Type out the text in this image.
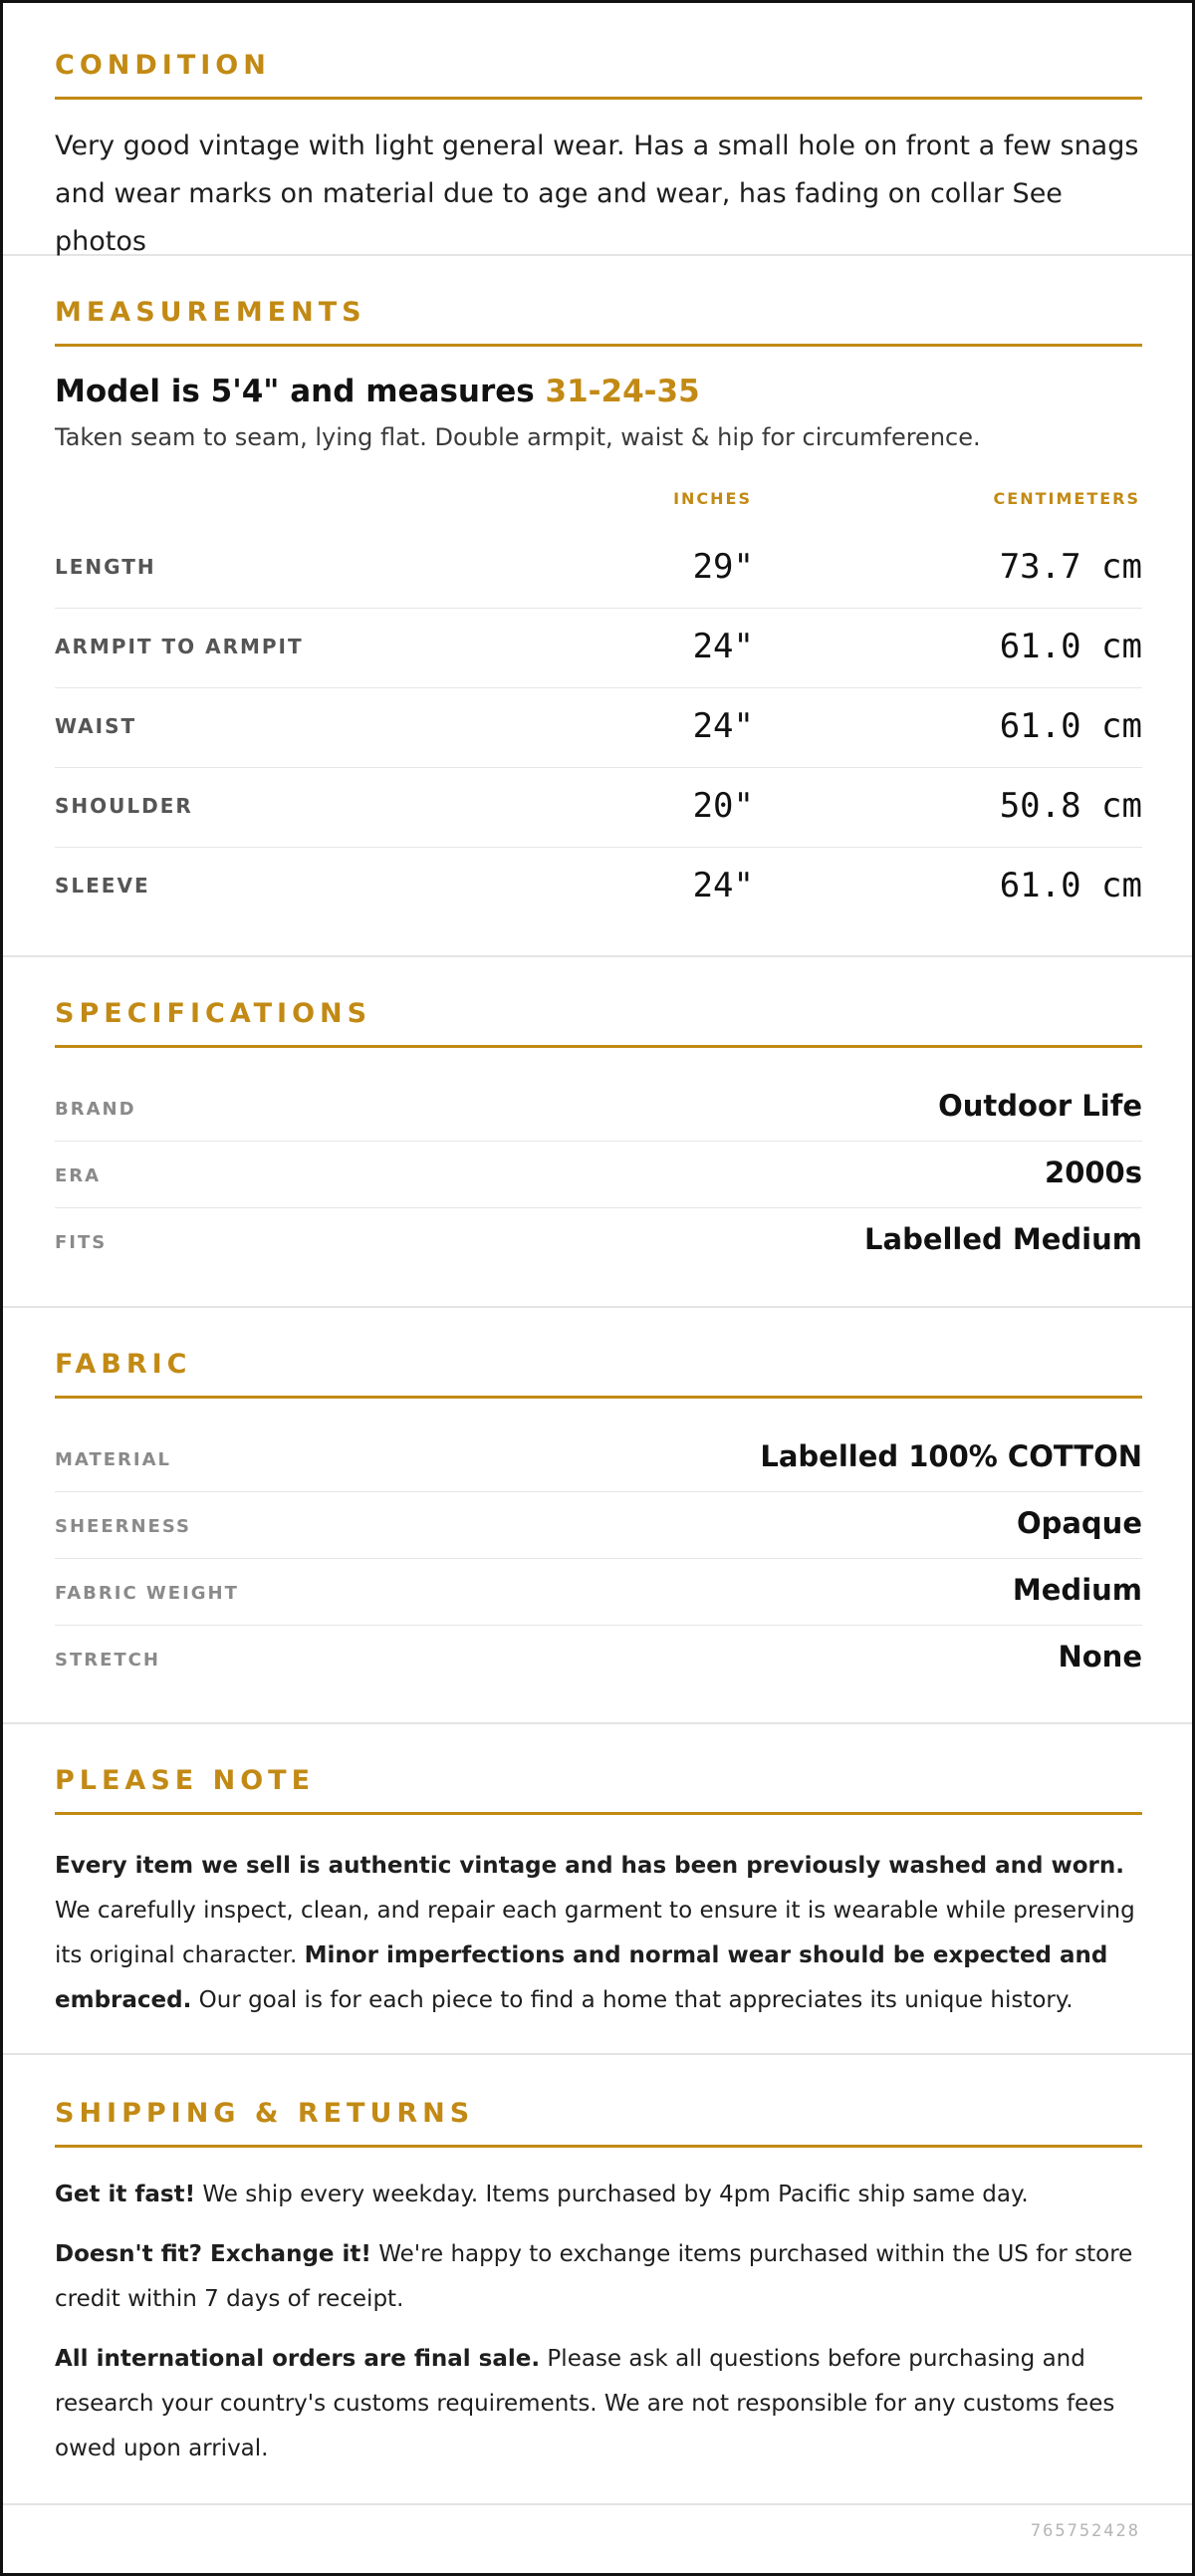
CONDITION
Very good vintage with light general wear. Has a small hole on front a few snags and wear marks on material due to age and wear, has fading on collar See photos
MEASUREMENTS
Model is 5'4" and measures 31-24-35
Taken seam to seam, lying flat. Double armpit, waist & hip for circumference.
INCHES	CENTIMETERS
LENGTH	29"	73.7 cm
ARMPIT TO ARMPIT	24"	61.0 cm
WAIST	24"	61.0 cm
SHOULDER	20"	50.8 cm
SLEEVE	24"	61.0 cm
SPECIFICATIONS
BRAND	Outdoor Life
ERA	2000s
FITS	Labelled Medium
FABRIC
MATERIAL	Labelled 100% COTTON
SHEERNESS	Opaque
FABRIC WEIGHT	Medium
STRETCH	None
PLEASE NOTE
Every item we sell is authentic vintage and has been previously washed and worn. We carefully inspect, clean, and repair each garment to ensure it is wearable while preserving its original character. Minor imperfections and normal wear should be expected and embraced. Our goal is for each piece to find a home that appreciates its unique history.
SHIPPING & RETURNS
Get it fast! We ship every weekday. Items purchased by 4pm Pacific ship same day.
Doesn't fit? Exchange it! We're happy to exchange items purchased within the US for store credit within 7 days of receipt.
All international orders are final sale. Please ask all questions before purchasing and research your country's customs requirements. We are not responsible for any customs fees owed upon arrival.
765752428
